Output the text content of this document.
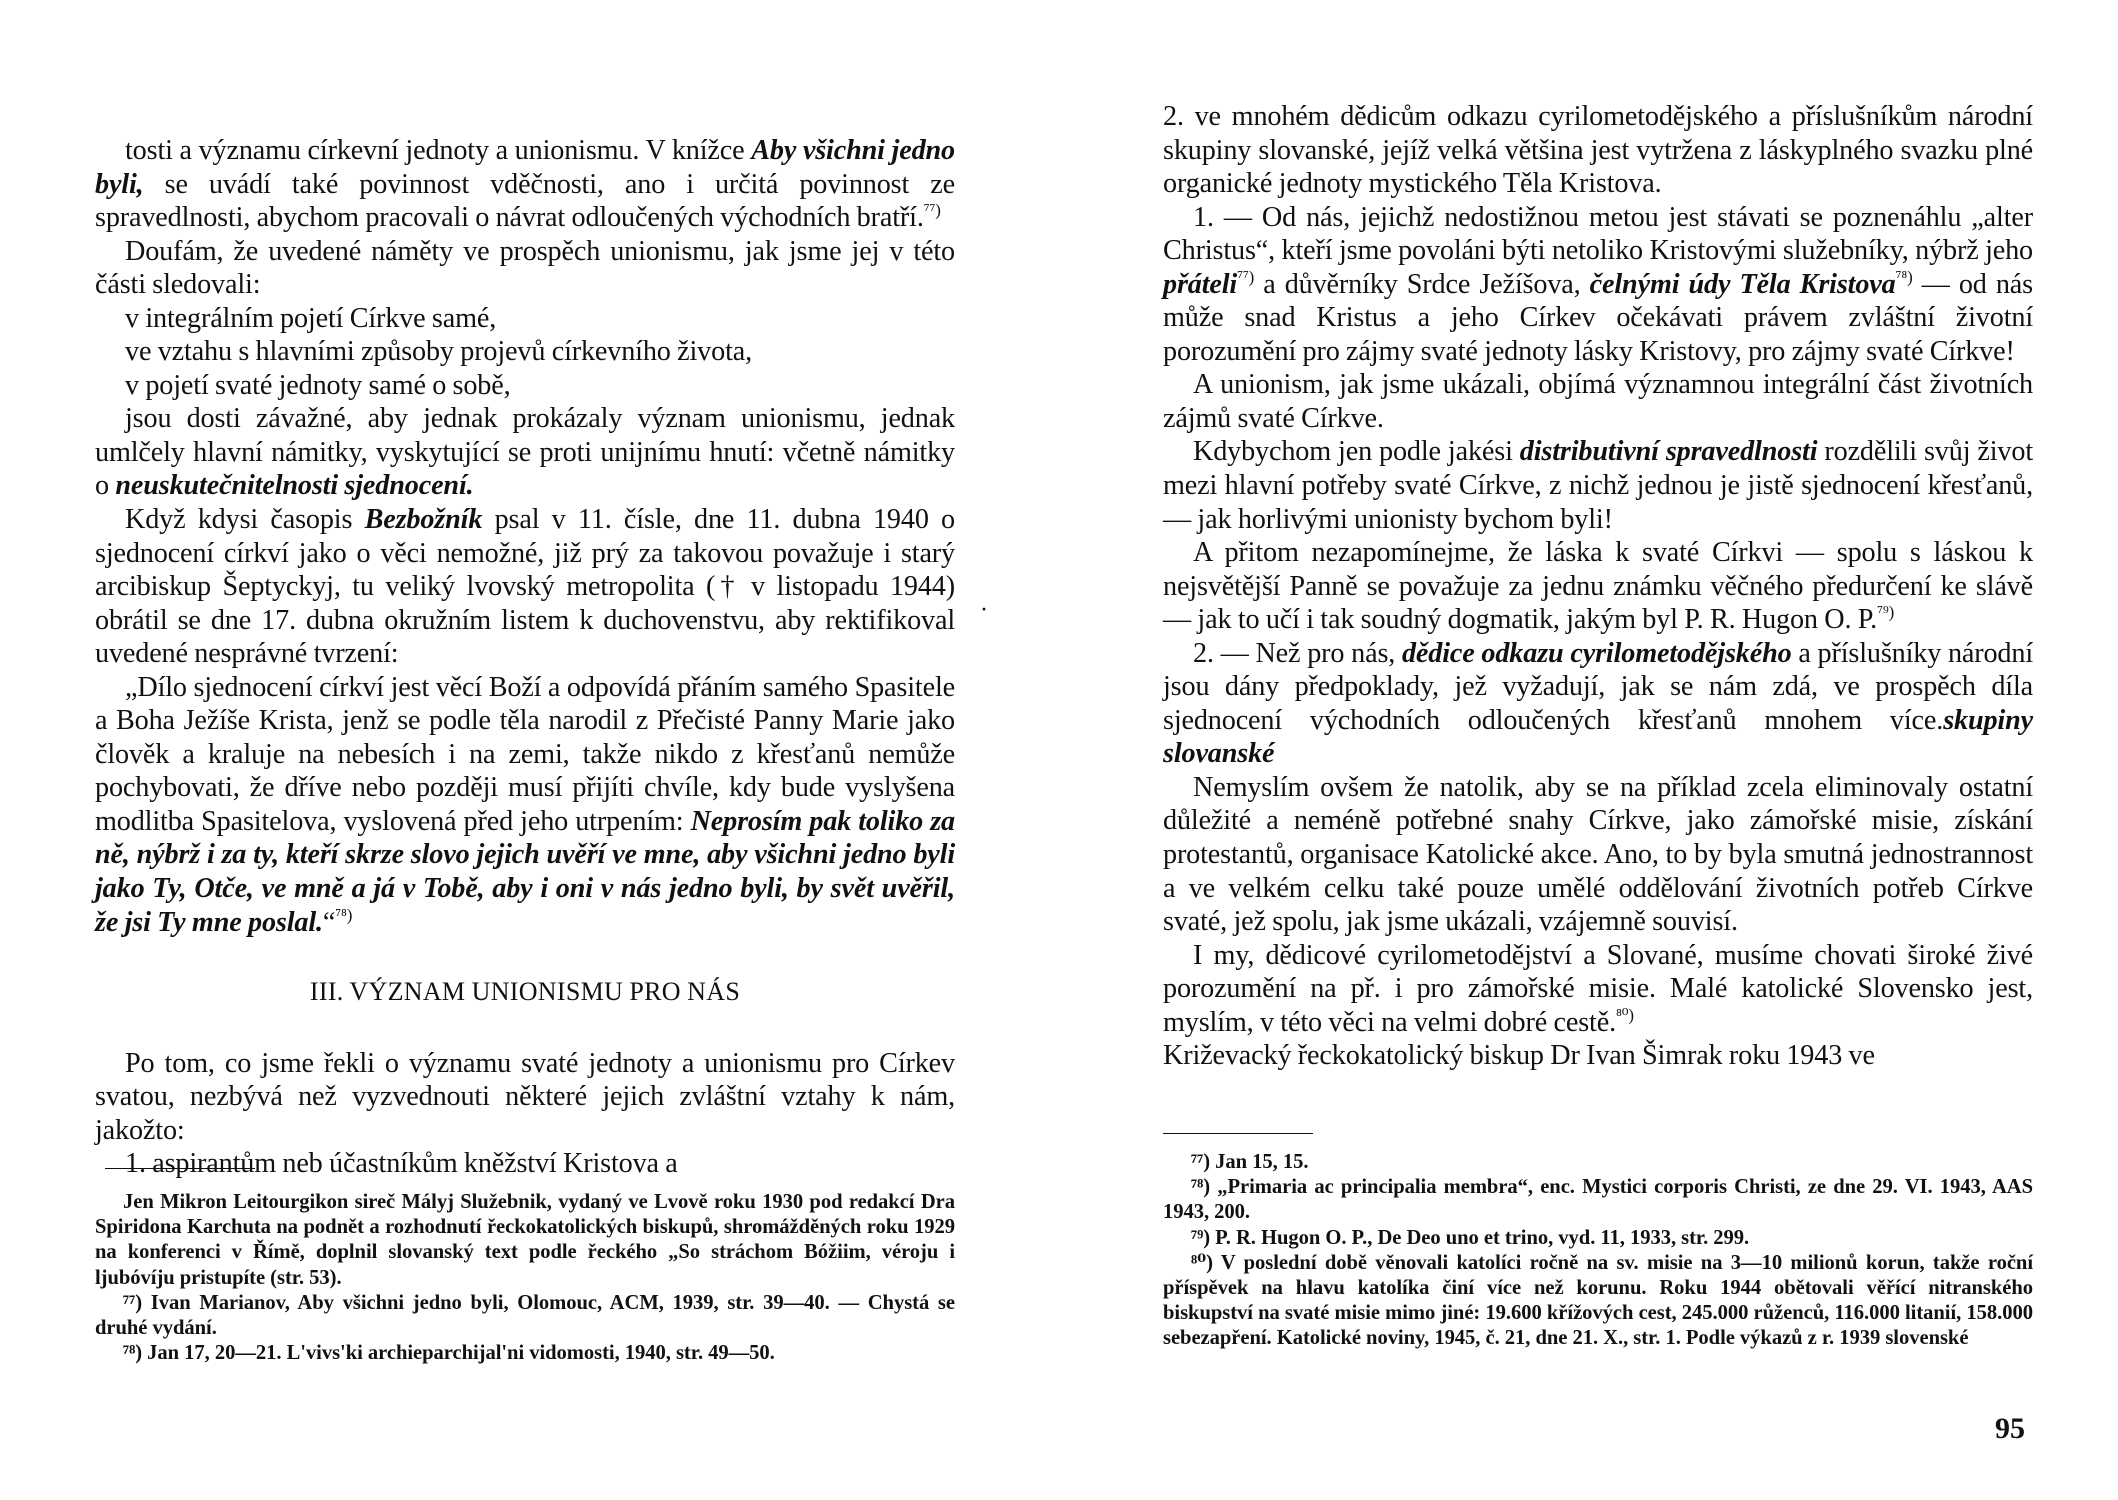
tosti a významu církevní jednoty a unionismu. V knížce Aby všichni jedno byli, se uvádí také povinnost vděčnosti, ano i určitá povinnost ze spravedlnosti, abychom pracovali o návrat odloučených východních bratří.$^{^{77})}$

Doufám, že uvedené náměty ve prospěch unionismu, jak jsme jej v této části sledovali:

v integrálním pojetí Církve samé,

ve vztahu s hlavními způsoby projevů církevního života,

v pojetí svaté jednoty samé o sobě,

jsou dosti závažné, aby jednak prokázaly význam unionismu, jednak umlčely hlavní námitky, vyskytující se proti unijnímu hnutí: včetně námitky o neuskutečnitelnosti sjednocení.

Když kdysi časopis Bezbožník psal v 11. čísle, dne 11. dubna 1940 o sjednocení církví jako o věci nemožné, již prý za takovou považuje i starý arcibiskup Šeptyckyj, tu veliký lvovský metropolita († v listopadu 1944) obrátil se dne 17. dubna okružním listem k duchovenstvu, aby rektifikoval uvedené nesprávné tvrzení:

„Dílo sjednocení církví jest věcí Boží a odpovídá přáním samého Spasitele a Boha Ježíše Krista, jenž se podle těla narodil z Přečisté Panny Marie jako člověk a kraluje na nebesích i na zemi, takže nikdo z křesťanů nemůže pochybovati, že dříve nebo později musí přijíti chvíle, kdy bude vyslyšena modlitba Spasitelova, vyslovená před jeho utrpením: Neprosím pak toliko za ně, nýbrž i za ty, kteří skrze slovo jejich uvěří ve mne, aby všichni jedno byli jako Ty, Otče, ve mně a já v Tobě, aby i oni v nás jedno byli, by svět uvěřil, že jsi Ty mne poslal.“$^{^{78})}$

III. VÝZNAM UNIONISMU PRO NÁS

Po tom, co jsme řekli o významu svaté jednoty a unionismu pro Církev svatou, nezbývá než vyzvednouti některé jejich zvláštní vztahy k nám, jakožto:

1. aspirantům neb účastníkům kněžství Kristova a

Jen Mikron Leitourgikon sireč Mályj Služebnik, vydaný ve Lvově roku 1930 pod redakcí Dra Spiridona Karchuta na podnět a rozhodnutí řeckokatolických biskupů, shromážděných roku 1929 na konferenci v Římě, doplnil slovanský text podle řeckého „So stráchom Bóžiim, véroju i ljubóvíju pristupíte (str. 53).

⁷⁷) Ivan Marianov, Aby všichni jedno byli, Olomouc, ACM, 1939, str. 39—40. — Chystá se druhé vydání.

⁷⁸) Jan 17, 20—21. L'vivs'ki archieparchijal'ni vidomosti, 1940, str. 49—50.

·

2. ve mnohém dědicům odkazu cyrilometodějského a příslušníkům národní skupiny slovanské, jejíž velká většina jest vytržena z láskyplného svazku plné organické jednoty mystického Těla Kristova.

1. — Od nás, jejichž nedostižnou metou jest stávati se poznenáhlu „alter Christus“, kteří jsme povoláni býti netoliko Kristovými služebníky, nýbrž jeho přáteli$^{^{77})}$ a důvěrníky Srdce Ježíšova, čelnými údy Těla Kristova$^{^{78})}$ — od nás může snad Kristus a jeho Církev očekávati právem zvláštní životní porozumění pro zájmy svaté jednoty lásky Kristovy, pro zájmy svaté Církve!

A unionism, jak jsme ukázali, objímá významnou integrální část životních zájmů svaté Církve.

Kdybychom jen podle jakési distributivní spravedlnosti rozdělili svůj život mezi hlavní potřeby svaté Církve, z nichž jednou je jistě sjednocení křesťanů, — jak horlivými unionisty bychom byli!

A přitom nezapomínejme, že láska k svaté Církvi — spolu s láskou k nejsvětější Panně se považuje za jednu známku věčného předurčení ke slávě — jak to učí i tak soudný dogmatik, jakým byl P. R. Hugon O. P.$^{^{79})}$

2. — Než pro nás, dědice odkazu cyrilometodějského a příslušníky národní jsou dány předpoklady, jež vyžadují, jak se nám zdá, ve prospěch díla sjednocení východních odloučených křesťanů mnohem více.skupiny slovanské

Nemyslím ovšem že natolik, aby se na příklad zcela eliminovaly ostatní důležité a neméně potřebné snahy Církve, jako zámořské misie, získání protestantů, organisace Katolické akce. Ano, to by byla smutná jednostrannost a ve velkém celku také pouze umělé oddělování životních potřeb Církve svaté, jež spolu, jak jsme ukázali, vzájemně souvisí.

I my, dědicové cyrilometodějství a Slované, musíme chovati široké živé porozumění na př. i pro zámořské misie. Malé katolické Slovensko jest, myslím, v této věci na velmi dobré cestě.$^{^{80})}$

Križevacký řeckokatolický biskup Dr Ivan Šimrak roku 1943 ve

⁷⁷) Jan 15, 15.

⁷⁸) „Primaria ac principalia membra“, enc. Mystici corporis Christi, ze dne 29. VI. 1943, AAS 1943, 200.

⁷⁹) P. R. Hugon O. P., De Deo uno et trino, vyd. 11, 1933, str. 299.

⁸⁰) V poslední době věnovali katolíci ročně na sv. misie na 3—10 milionů korun, takže roční příspěvek na hlavu katolíka činí více než korunu. Roku 1944 obětovali věřící nitranského biskupství na svaté misie mimo jiné: 19.600 křížových cest, 245.000 růženců, 116.000 litanií, 158.000 sebezapření. Katolické noviny, 1945, č. 21, dne 21. X., str. 1. Podle výkazů z r. 1939 slovenské

95
